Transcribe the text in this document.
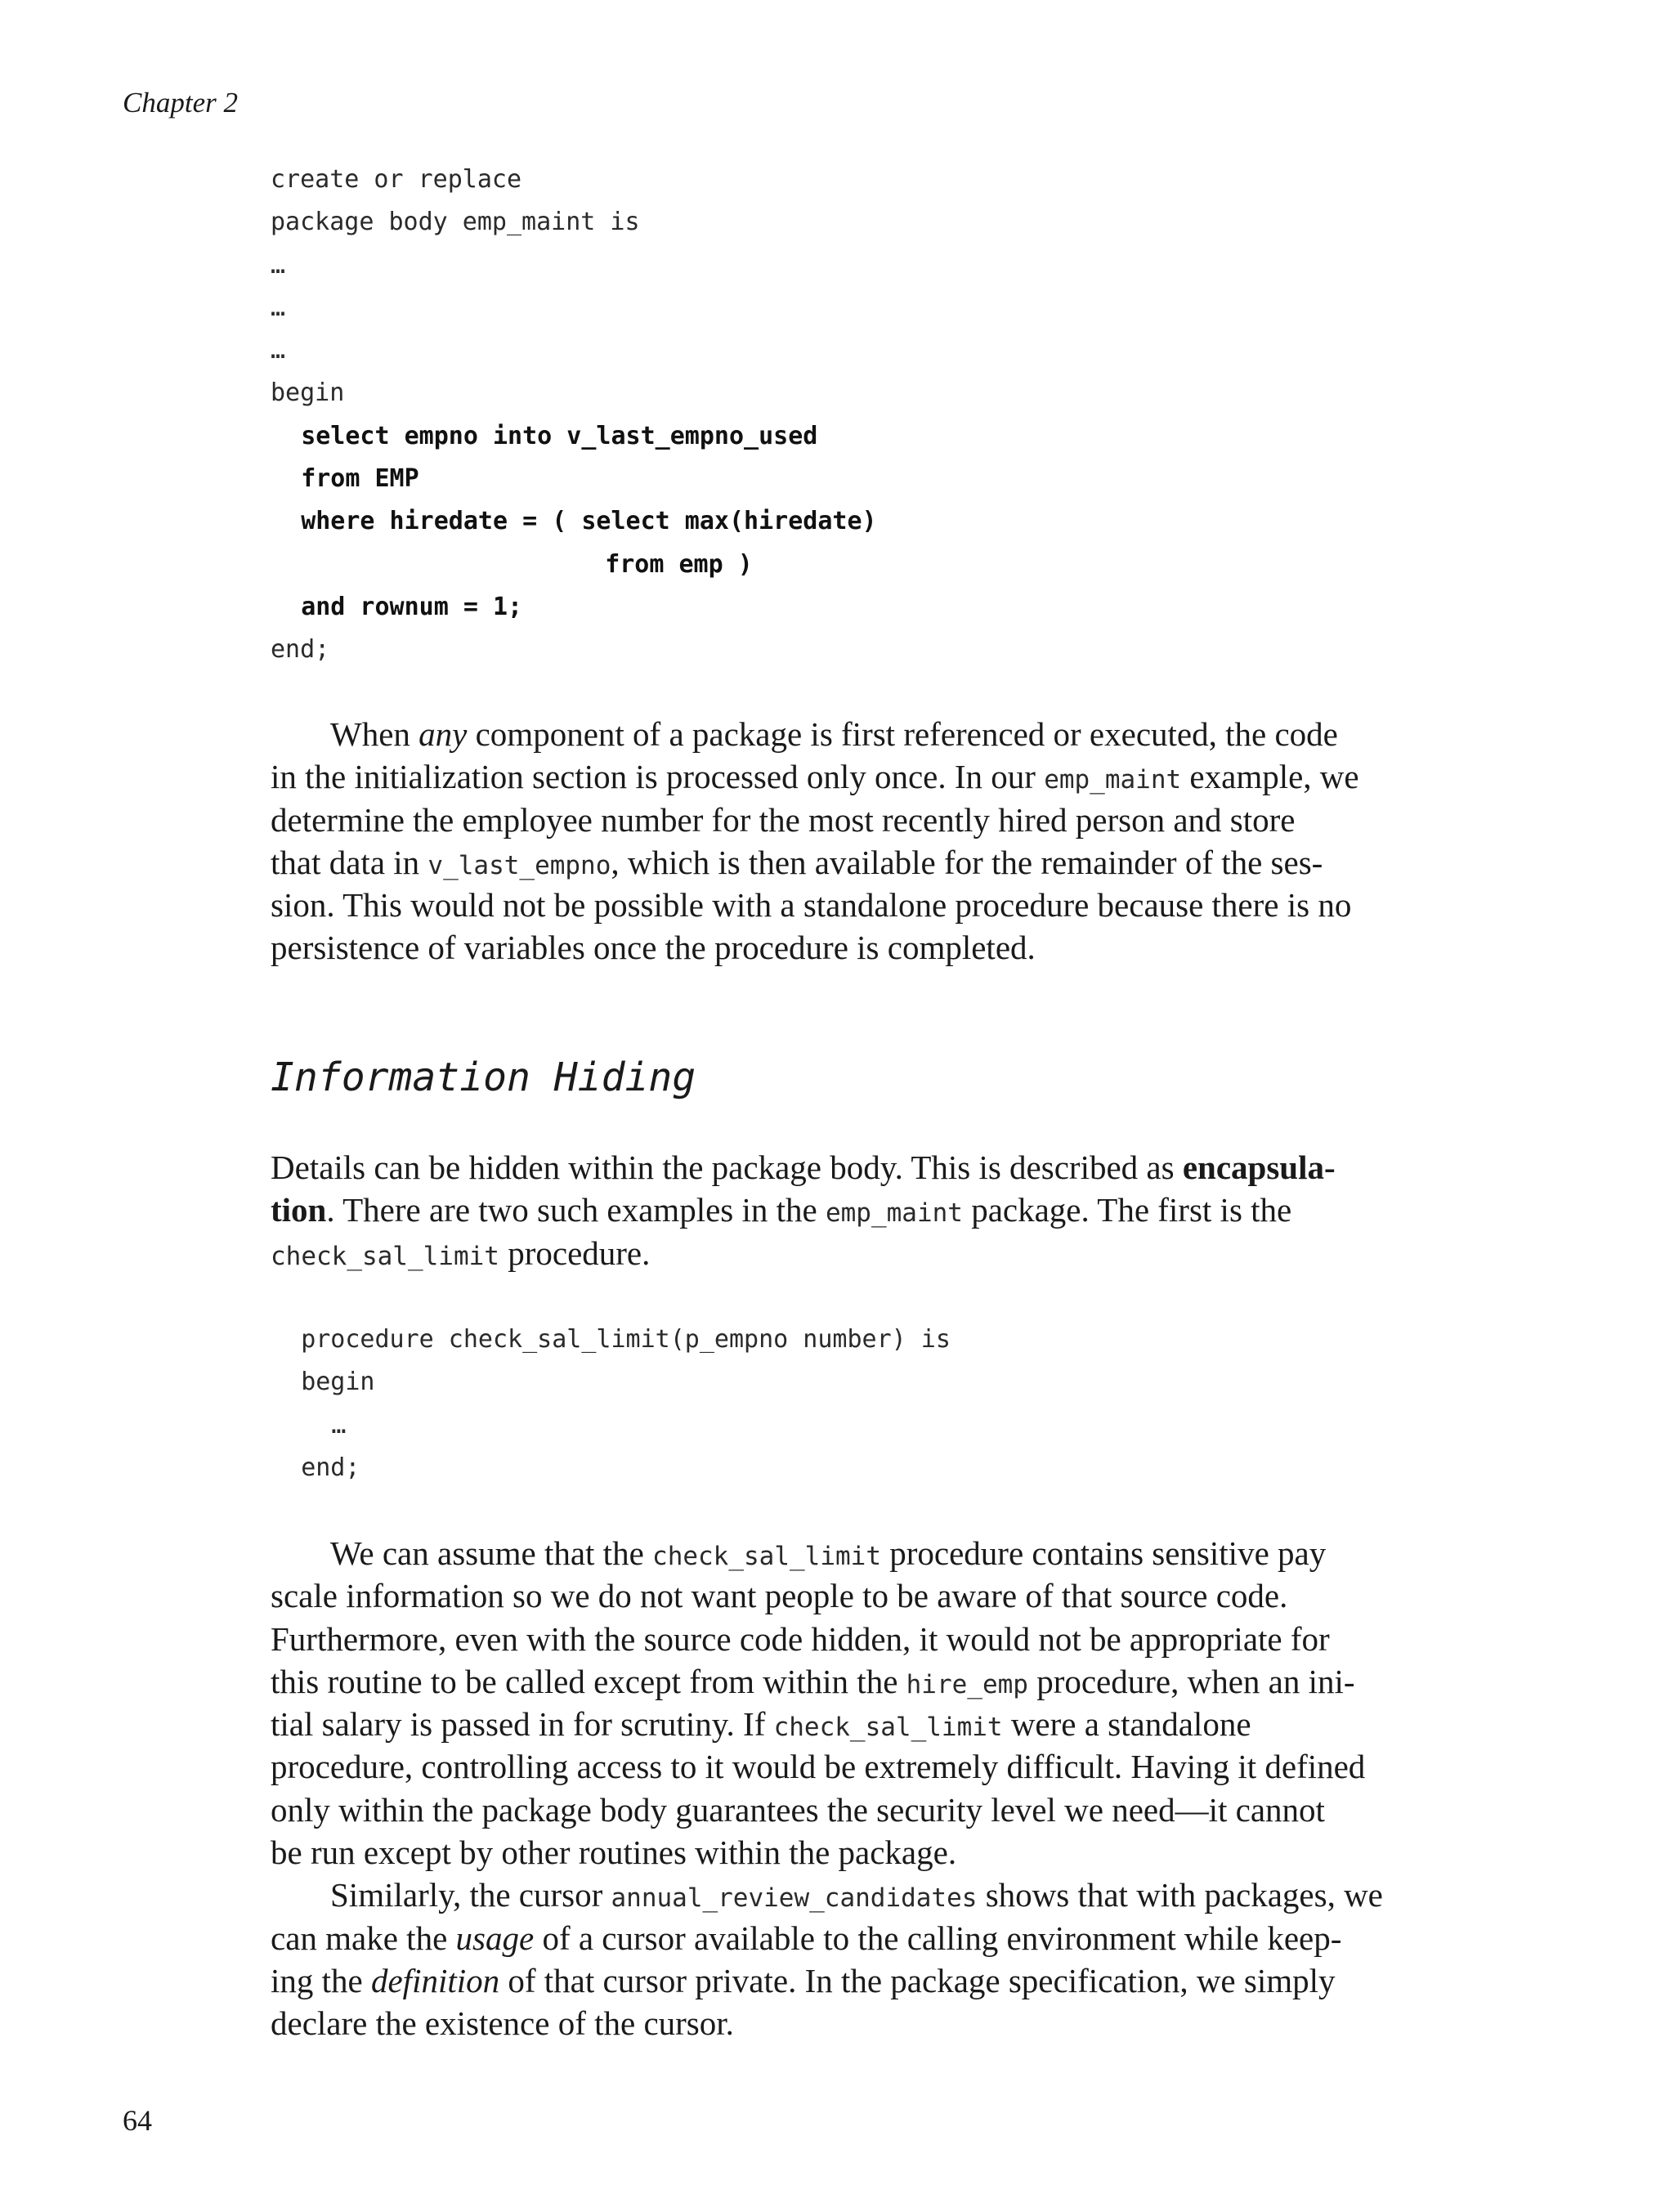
Chapter 2
create or replace
package body emp_maint is
…
…
…
begin
select empno into v_last_empno_used
from EMP
where hiredate = ( select max(hiredate)
from emp )
and rownum = 1;
end;
When any component of a package is first referenced or executed, the code
in the initialization section is processed only once. In our emp_maint example, we
determine the employee number for the most recently hired person and store
that data in v_last_empno, which is then available for the remainder of the ses-
sion. This would not be possible with a standalone procedure because there is no
persistence of variables once the procedure is completed.
Information Hiding
Details can be hidden within the package body. This is described as encapsula-
tion. There are two such examples in the emp_maint package. The first is the
check_sal_limit procedure.
procedure check_sal_limit(p_empno number) is
begin
…
end;
We can assume that the check_sal_limit procedure contains sensitive pay
scale information so we do not want people to be aware of that source code.
Furthermore, even with the source code hidden, it would not be appropriate for
this routine to be called except from within the hire_emp procedure, when an ini-
tial salary is passed in for scrutiny. If check_sal_limit were a standalone
procedure, controlling access to it would be extremely difficult. Having it defined
only within the package body guarantees the security level we need—it cannot
be run except by other routines within the package.
Similarly, the cursor annual_review_candidates shows that with packages, we
can make the usage of a cursor available to the calling environment while keep-
ing the definition of that cursor private. In the package specification, we simply
declare the existence of the cursor.
64
